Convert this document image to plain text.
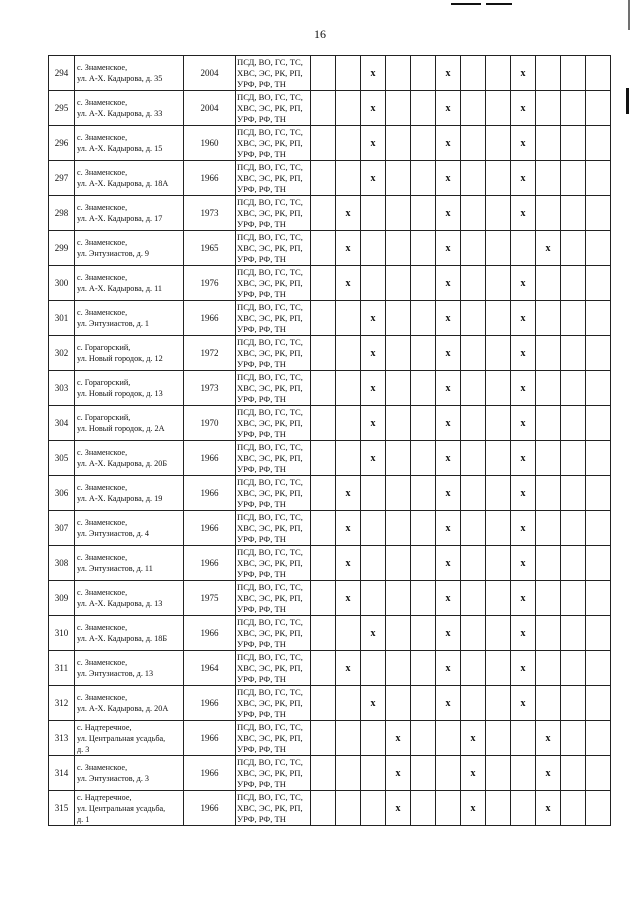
16
294	с. Знаменское,
ул. А-Х. Кадырова, д. 35	2004	ПСД, ВО, ГС, ТС,
ХВС, ЭС, РК, РП,
УРФ, РФ, ТН			x			x			x			
295	с. Знаменское,
ул. А-Х. Кадырова, д. 33	2004	ПСД, ВО, ГС, ТС,
ХВС, ЭС, РК, РП,
УРФ, РФ, ТН			x			x			x			
296	с. Знаменское,
ул. А-Х. Кадырова, д. 15	1960	ПСД, ВО, ГС, ТС,
ХВС, ЭС, РК, РП,
УРФ, РФ, ТН			x			x			x			
297	с. Знаменское,
ул. А-Х. Кадырова, д. 18А	1966	ПСД, ВО, ГС, ТС,
ХВС, ЭС, РК, РП,
УРФ, РФ, ТН			x			x			x			
298	с. Знаменское,
ул. А-Х. Кадырова, д. 17	1973	ПСД, ВО, ГС, ТС,
ХВС, ЭС, РК, РП,
УРФ, РФ, ТН		x				x			x			
299	с. Знаменское,
ул. Энтузиастов, д. 9	1965	ПСД, ВО, ГС, ТС,
ХВС, ЭС, РК, РП,
УРФ, РФ, ТН		x				x				x		
300	с. Знаменское,
ул. А-Х. Кадырова, д. 11	1976	ПСД, ВО, ГС, ТС,
ХВС, ЭС, РК, РП,
УРФ, РФ, ТН		x				x			x			
301	с. Знаменское,
ул. Энтузиастов, д. 1	1966	ПСД, ВО, ГС, ТС,
ХВС, ЭС, РК, РП,
УРФ, РФ, ТН			x			x			x			
302	с. Горагорский,
ул. Новый городок, д. 12	1972	ПСД, ВО, ГС, ТС,
ХВС, ЭС, РК, РП,
УРФ, РФ, ТН			x			x			x			
303	с. Горагорский,
ул. Новый городок, д. 13	1973	ПСД, ВО, ГС, ТС,
ХВС, ЭС, РК, РП,
УРФ, РФ, ТН			x			x			x			
304	с. Горагорский,
ул. Новый городок, д. 2А	1970	ПСД, ВО, ГС, ТС,
ХВС, ЭС, РК, РП,
УРФ, РФ, ТН			x			x			x			
305	с. Знаменское,
ул. А-Х. Кадырова, д. 20Б	1966	ПСД, ВО, ГС, ТС,
ХВС, ЭС, РК, РП,
УРФ, РФ, ТН			x			x			x			
306	с. Знаменское,
ул. А-Х. Кадырова, д. 19	1966	ПСД, ВО, ГС, ТС,
ХВС, ЭС, РК, РП,
УРФ, РФ, ТН		x				x			x			
307	с. Знаменское,
ул. Энтузиастов, д. 4	1966	ПСД, ВО, ГС, ТС,
ХВС, ЭС, РК, РП,
УРФ, РФ, ТН		x				x			x			
308	с. Знаменское,
ул. Энтузиастов, д. 11	1966	ПСД, ВО, ГС, ТС,
ХВС, ЭС, РК, РП,
УРФ, РФ, ТН		x				x			x			
309	с. Знаменское,
ул. А-Х. Кадырова, д. 13	1975	ПСД, ВО, ГС, ТС,
ХВС, ЭС, РК, РП,
УРФ, РФ, ТН		x				x			x			
310	с. Знаменское,
ул. А-Х. Кадырова, д. 18Б	1966	ПСД, ВО, ГС, ТС,
ХВС, ЭС, РК, РП,
УРФ, РФ, ТН			x			x			x			
311	с. Знаменское,
ул. Энтузиастов, д. 13	1964	ПСД, ВО, ГС, ТС,
ХВС, ЭС, РК, РП,
УРФ, РФ, ТН		x				x			x			
312	с. Знаменское,
ул. А-Х. Кадырова, д. 20А	1966	ПСД, ВО, ГС, ТС,
ХВС, ЭС, РК, РП,
УРФ, РФ, ТН			x			x			x			
313	с. Надтеречное,
ул. Центральная усадьба,
д. 3	1966	ПСД, ВО, ГС, ТС,
ХВС, ЭС, РК, РП,
УРФ, РФ, ТН				x			x			x		
314	с. Знаменское,
ул. Энтузиастов, д. 3	1966	ПСД, ВО, ГС, ТС,
ХВС, ЭС, РК, РП,
УРФ, РФ, ТН				x			x			x		
315	с. Надтеречное,
ул. Центральная усадьба,
д. 1	1966	ПСД, ВО, ГС, ТС,
ХВС, ЭС, РК, РП,
УРФ, РФ, ТН				x			x			x		
